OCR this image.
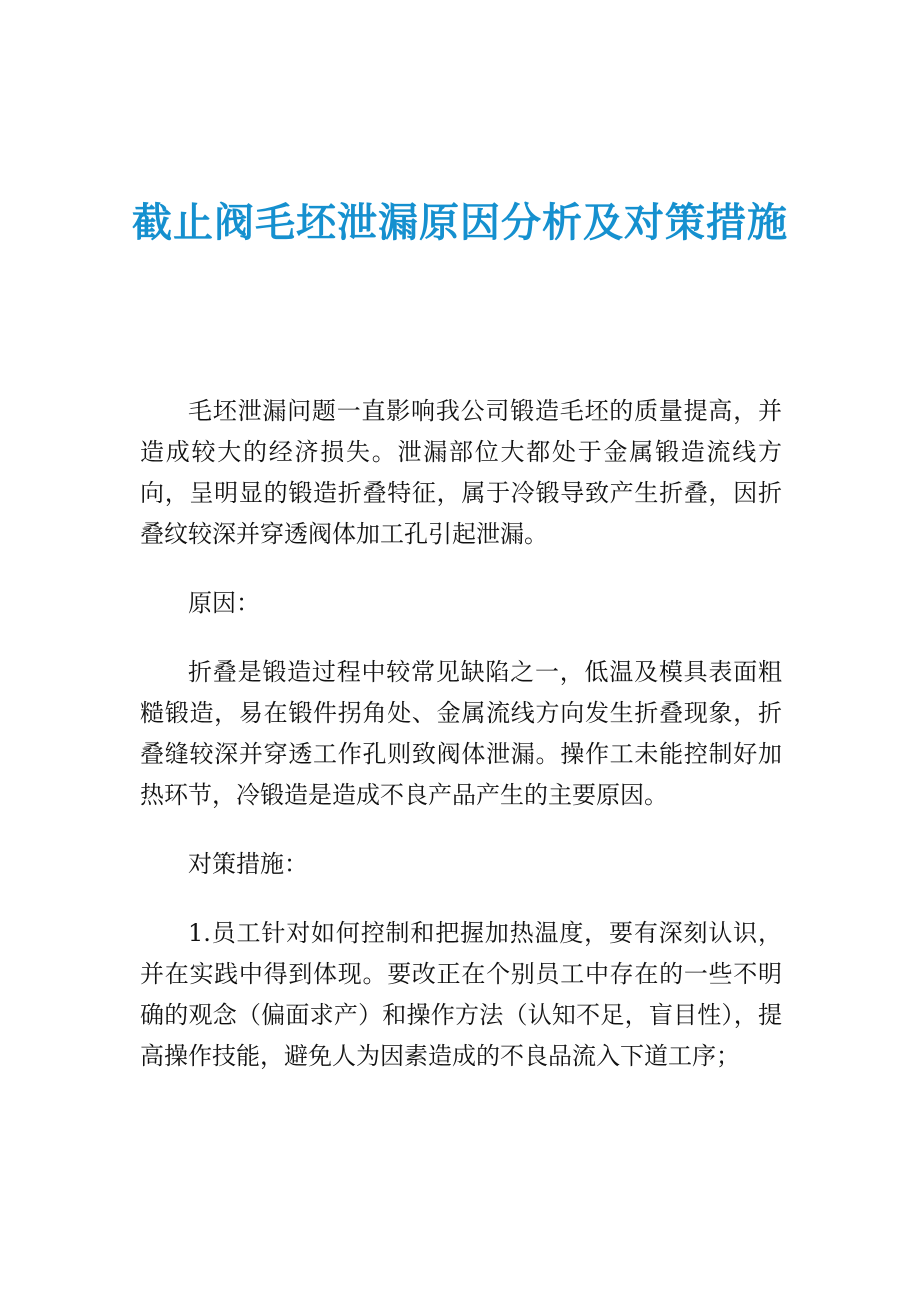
截止阀毛坯泄漏原因分析及对策措施

毛坯泄漏问题一直影响我公司锻造毛坯的质量提高，并造成较大的经济损失。泄漏部位大都处于金属锻造流线方向，呈明显的锻造折叠特征，属于冷锻导致产生折叠，因折叠纹较深并穿透阀体加工孔引起泄漏。

原因：

折叠是锻造过程中较常见缺陷之一，低温及模具表面粗糙锻造，易在锻件拐角处、金属流线方向发生折叠现象，折叠缝较深并穿透工作孔则致阀体泄漏。操作工未能控制好加热环节，冷锻造是造成不良产品产生的主要原因。

对策措施：

1.员工针对如何控制和把握加热温度，要有深刻认识，并在实践中得到体现。要改正在个别员工中存在的一些不明确的观念（偏面求产）和操作方法（认知不足，盲目性），提高操作技能，避免人为因素造成的不良品流入下道工序；
